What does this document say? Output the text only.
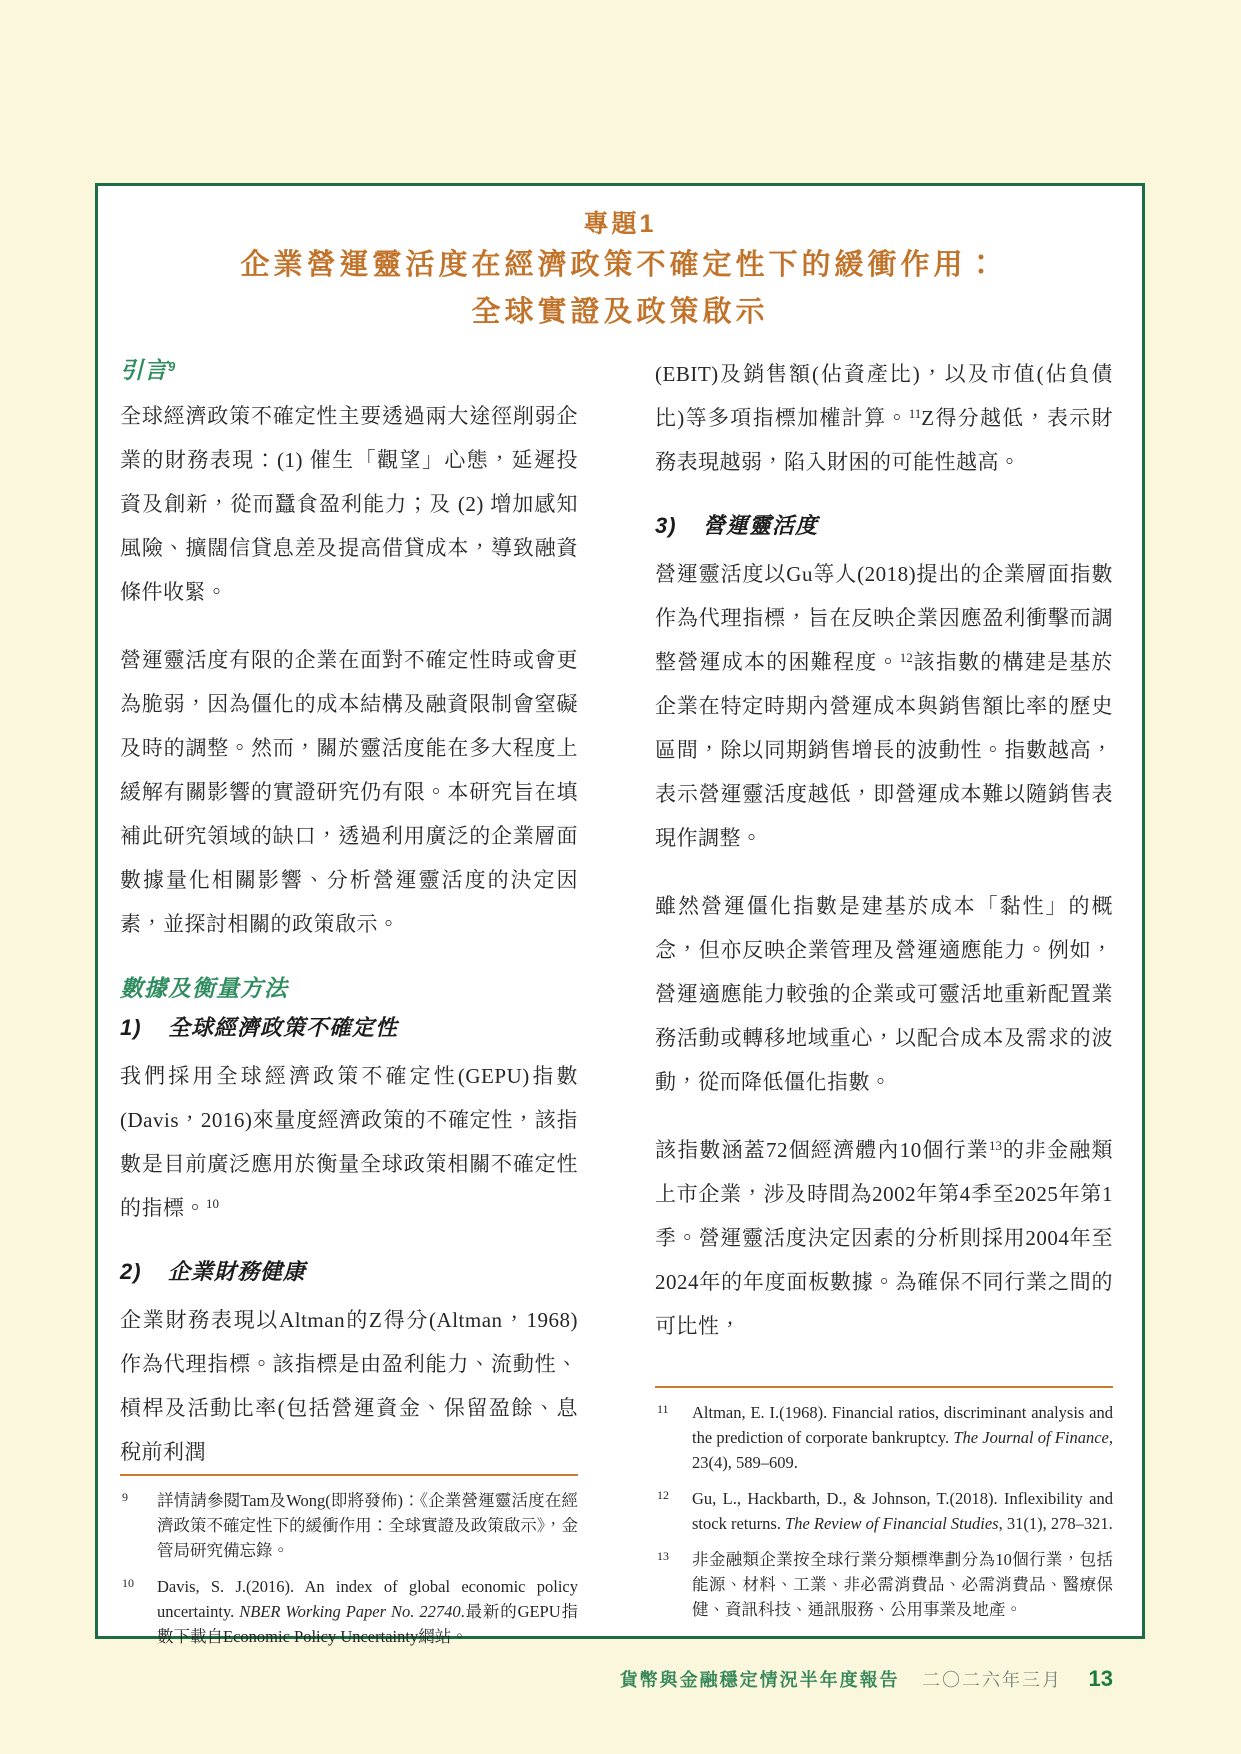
專題1
企業營運靈活度在經濟政策不確定性下的緩衝作用：
全球實證及政策啟示
引言$^9$

全球經濟政策不確定性主要透過兩大途徑削弱企業的財務表現：(1) 催生「觀望」心態，延遲投資及創新，從而蠶食盈利能力；及 (2) 增加感知風險、擴闊信貸息差及提高借貸成本，導致融資條件收緊。

營運靈活度有限的企業在面對不確定性時或會更為脆弱，因為僵化的成本結構及融資限制會窒礙及時的調整。然而，關於靈活度能在多大程度上緩解有關影響的實證研究仍有限。本研究旨在填補此研究領域的缺口，透過利用廣泛的企業層面數據量化相關影響、分析營運靈活度的決定因素，並探討相關的政策啟示。

數據及衡量方法
1) 全球經濟政策不確定性

我們採用全球經濟政策不確定性(GEPU)指數 (Davis，2016)來量度經濟政策的不確定性，該指數是目前廣泛應用於衡量全球政策相關不確定性的指標。$^{10}$

2) 企業財務健康

企業財務表現以Altman的Z得分(Altman，1968)作為代理指標。該指標是由盈利能力、流動性、槓桿及活動比率(包括營運資金、保留盈餘、息稅前利潤

9 詳情請參閱Tam及Wong(即將發佈)：《企業營運靈活度在經濟政策不確定性下的緩衝作用：全球實證及政策啟示》，金管局研究備忘錄。
10 Davis, S. J.(2016). An index of global economic policy uncertainty. NBER Working Paper No. 22740.最新的GEPU指數下載自Economic Policy Uncertainty網站。

(EBIT)及銷售額(佔資產比)，以及市值(佔負債比)等多項指標加權計算。$^{11}$Z得分越低，表示財務表現越弱，陷入財困的可能性越高。

3) 營運靈活度

營運靈活度以Gu等人(2018)提出的企業層面指數作為代理指標，旨在反映企業因應盈利衝擊而調整營運成本的困難程度。$^{12}$該指數的構建是基於企業在特定時期內營運成本與銷售額比率的歷史區間，除以同期銷售增長的波動性。指數越高，表示營運靈活度越低，即營運成本難以隨銷售表現作調整。

雖然營運僵化指數是建基於成本「黏性」的概念，但亦反映企業管理及營運適應能力。例如，營運適應能力較強的企業或可靈活地重新配置業務活動或轉移地域重心，以配合成本及需求的波動，從而降低僵化指數。

該指數涵蓋72個經濟體內10個行業$^{13}$的非金融類上市企業，涉及時間為2002年第4季至2025年第1季。營運靈活度決定因素的分析則採用2004年至2024年的年度面板數據。為確保不同行業之間的可比性，

11 Altman, E. I.(1968). Financial ratios, discriminant analysis and the prediction of corporate bankruptcy. The Journal of Finance, 23(4), 589–609.
12 Gu, L., Hackbarth, D., & Johnson, T.(2018). Inflexibility and stock returns. The Review of Financial Studies, 31(1), 278–321.
13 非金融類企業按全球行業分類標準劃分為10個行業，包括能源、材料、工業、非必需消費品、必需消費品、醫療保健、資訊科技、通訊服務、公用事業及地產。
貨幣與金融穩定情況半年度報告 二〇二六年三月 13
